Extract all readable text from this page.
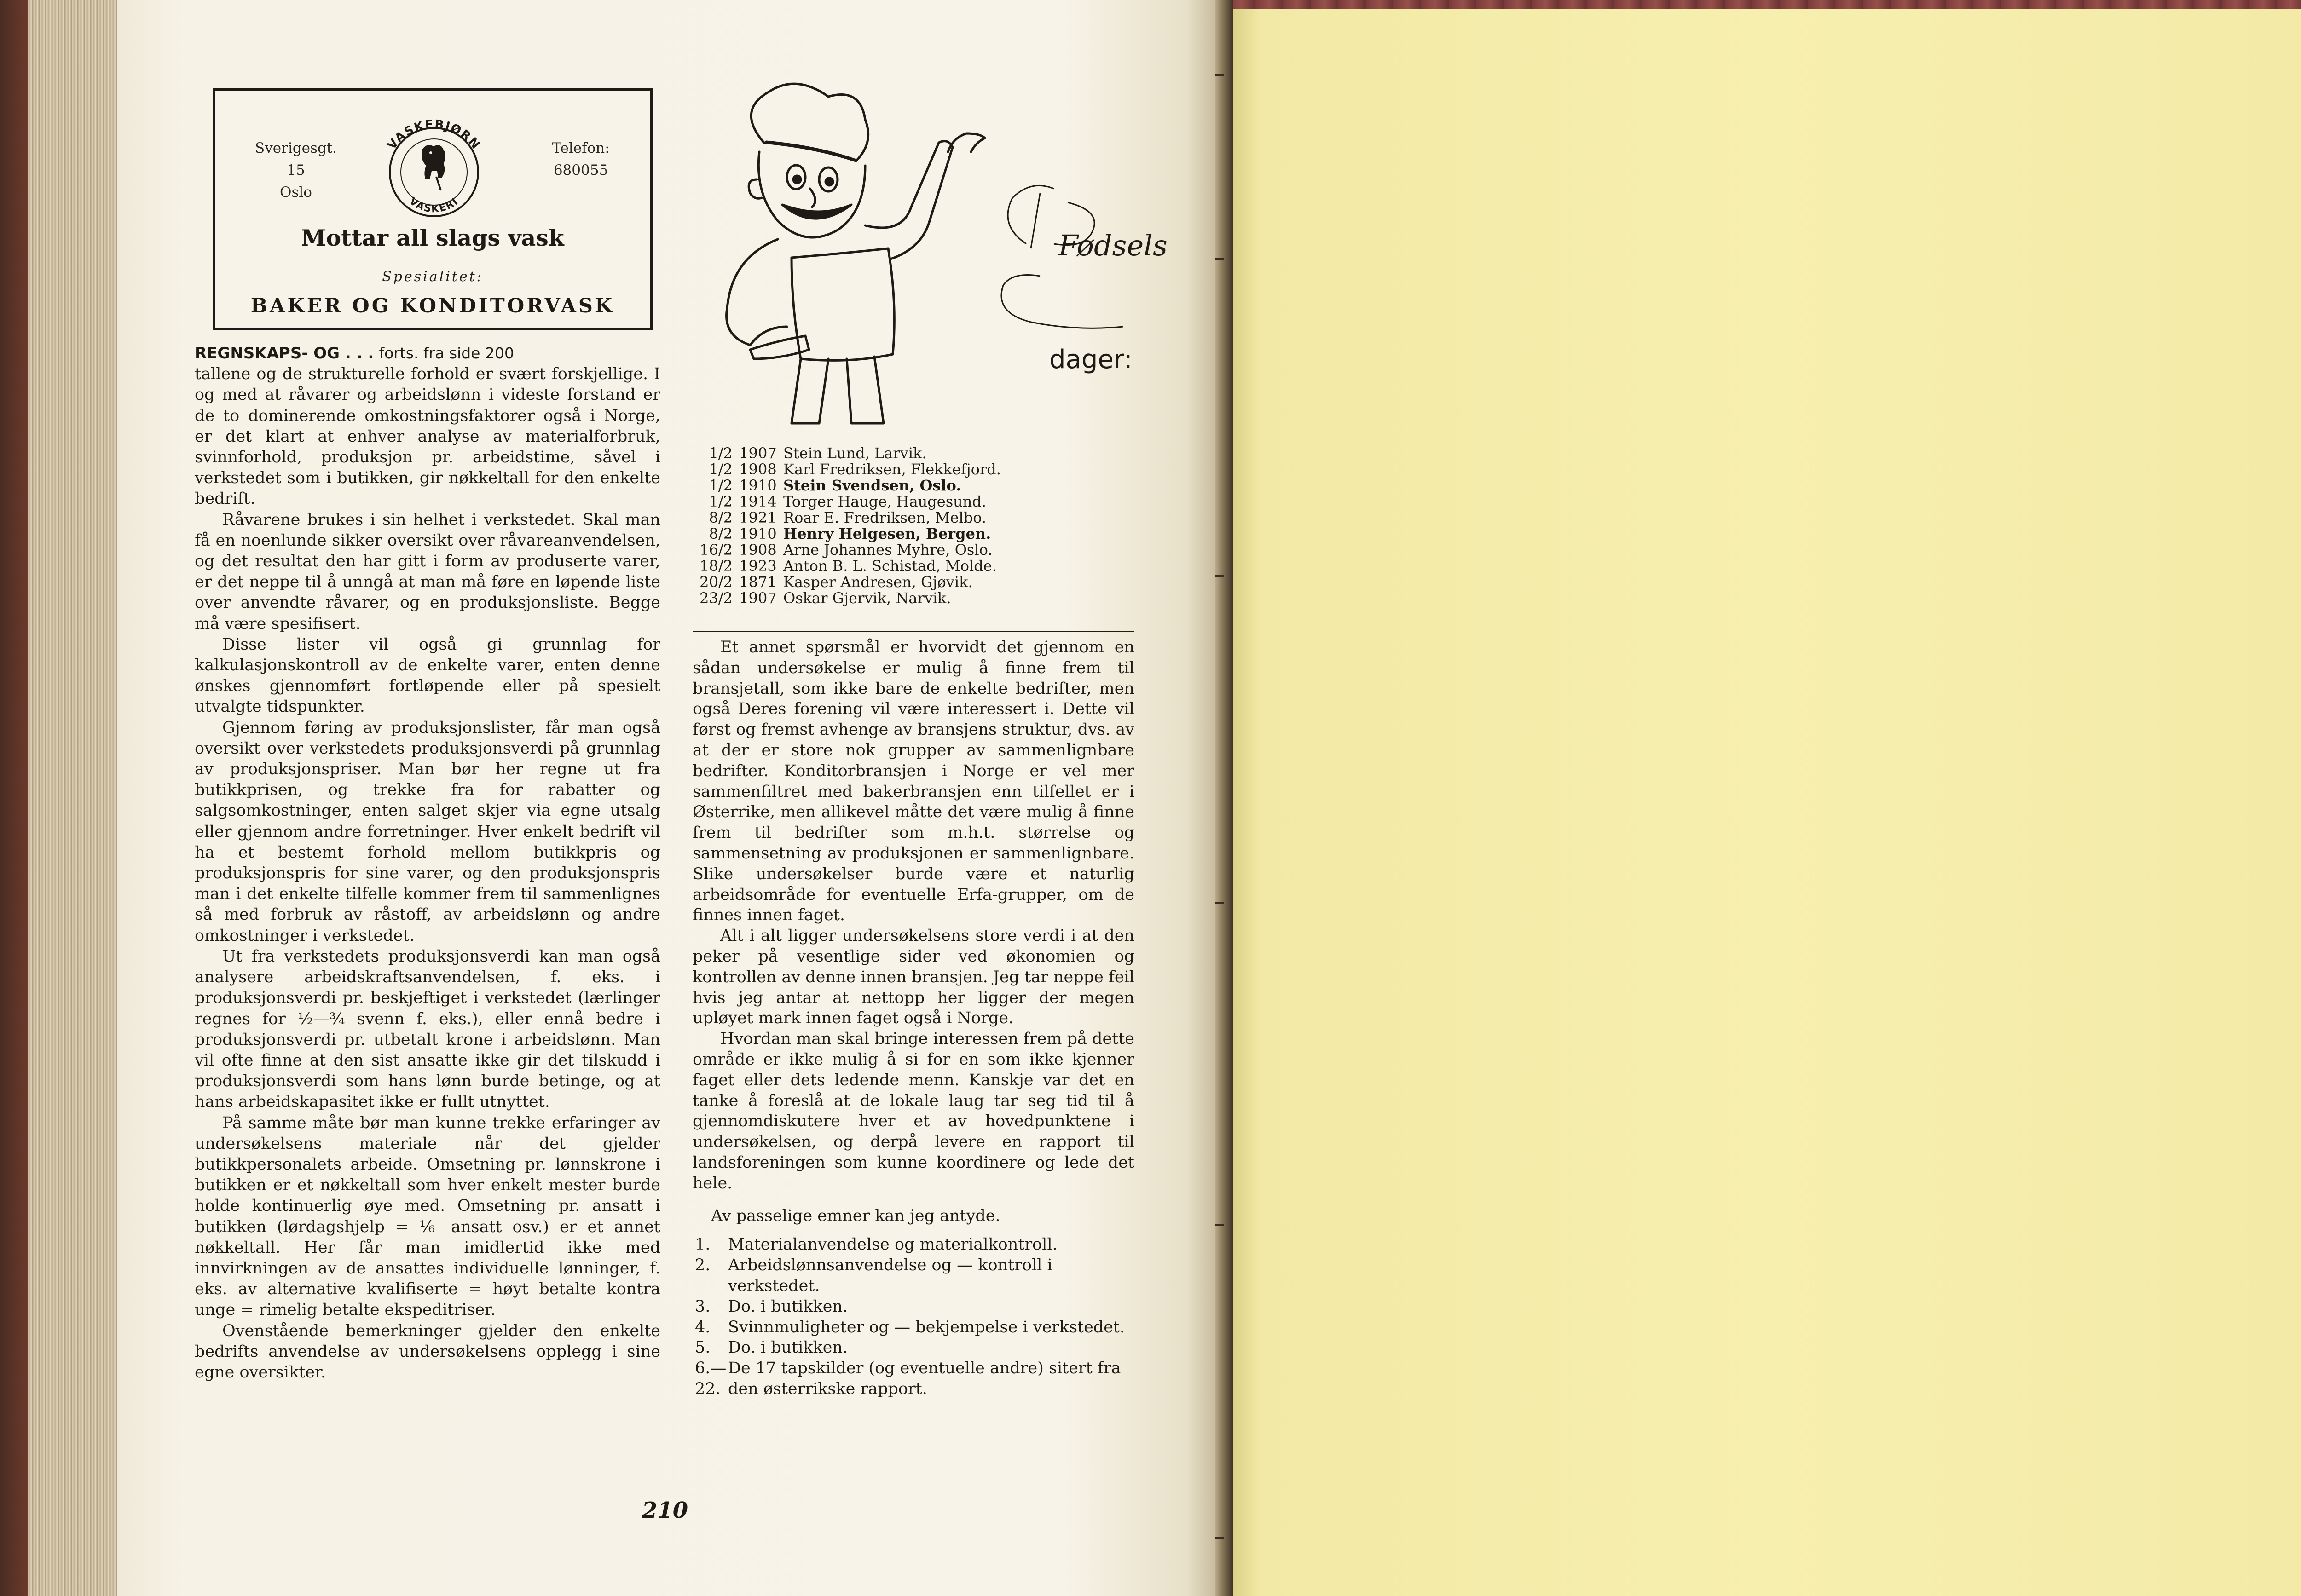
Sverigesgt. 15
Oslo
VASKEBJØRN
VASKERI
Telefon:
680055
Mottar all slags vask
Spesialitet:
BAKER OG KONDITORVASK

REGNSKAPS- OG . . . forts. fra side 200

tallene og de strukturelle forhold er svært forskjellige. I og med at råvarer og arbeidslønn i videste forstand er de to dominerende omkostningsfaktorer også i Norge, er det klart at enhver analyse av materialforbruk, svinnforhold, produksjon pr. arbeidstime, såvel i verkstedet som i butikken, gir nøkkeltall for den enkelte bedrift.

Råvarene brukes i sin helhet i verkstedet. Skal man få en noenlunde sikker oversikt over råvareanvendelsen, og det resultat den har gitt i form av produserte varer, er det neppe til å unngå at man må føre en løpende liste over anvendte råvarer, og en produksjonsliste. Begge må være spesifisert.

Disse lister vil også gi grunnlag for kalkulasjonskontroll av de enkelte varer, enten denne ønskes gjennomført fortløpende eller på spesielt utvalgte tidspunkter.

Gjennom føring av produksjonslister, får man også oversikt over verkstedets produksjonsverdi på grunnlag av produksjonspriser. Man bør her regne ut fra butikkprisen, og trekke fra for rabatter og salgsomkostninger, enten salget skjer via egne utsalg eller gjennom andre forretninger. Hver enkelt bedrift vil ha et bestemt forhold mellom butikkpris og produksjonspris for sine varer, og den produksjonspris man i det enkelte tilfelle kommer frem til sammenlignes så med forbruk av råstoff, av arbeidslønn og andre omkostninger i verkstedet.

Ut fra verkstedets produksjonsverdi kan man også analysere arbeidskraftsanvendelsen, f. eks. i produksjonsverdi pr. beskjeftiget i verkstedet (lærlinger regnes for ½—¾ svenn f. eks.), eller ennå bedre i produksjonsverdi pr. utbetalt krone i arbeidslønn. Man vil ofte finne at den sist ansatte ikke gir det tilskudd i produksjonsverdi som hans lønn burde betinge, og at hans arbeidskapasitet ikke er fullt utnyttet.

På samme måte bør man kunne trekke erfaringer av undersøkelsens materiale når det gjelder butikkpersonalets arbeide. Omsetning pr. lønnskrone i butikken er et nøkkeltall som hver enkelt mester burde holde kontinuerlig øye med. Omsetning pr. ansatt i butikken (lørdagshjelp = ⅙ ansatt osv.) er et annet nøkkeltall. Her får man imidlertid ikke med innvirkningen av de ansattes individuelle lønninger, f. eks. av alternative kvalifiserte = høyt betalte kontra unge = rimelig betalte ekspeditriser.

Ovenstående bemerkninger gjelder den enkelte bedrifts anvendelse av undersøkelsens opplegg i sine egne oversikter.

Fødsels
dager:
1/2 1907 Stein Lund, Larvik.
1/2 1908 Karl Fredriksen, Flekkefjord.
1/2 1910 Stein Svendsen, Oslo.
1/2 1914 Torger Hauge, Haugesund.
8/2 1921 Roar E. Fredriksen, Melbo.
8/2 1910 Henry Helgesen, Bergen.
16/2 1908 Arne Johannes Myhre, Oslo.
18/2 1923 Anton B. L. Schistad, Molde.
20/2 1871 Kasper Andresen, Gjøvik.
23/2 1907 Oskar Gjervik, Narvik.

Et annet spørsmål er hvorvidt det gjennom en sådan undersøkelse er mulig å finne frem til bransjetall, som ikke bare de enkelte bedrifter, men også Deres forening vil være interessert i. Dette vil først og fremst avhenge av bransjens struktur, dvs. av at der er store nok grupper av sammenlignbare bedrifter. Konditorbransjen i Norge er vel mer sammenfiltret med bakerbransjen enn tilfellet er i Østerrike, men allikevel måtte det være mulig å finne frem til bedrifter som m.h.t. størrelse og sammensetning av produksjonen er sammenlignbare. Slike undersøkelser burde være et naturlig arbeidsområde for eventuelle Erfa-grupper, om de finnes innen faget.

Alt i alt ligger undersøkelsens store verdi i at den peker på vesentlige sider ved økonomien og kontrollen av denne innen bransjen. Jeg tar neppe feil hvis jeg antar at nettopp her ligger der megen upløyet mark innen faget også i Norge.

Hvordan man skal bringe interessen frem på dette område er ikke mulig å si for en som ikke kjenner faget eller dets ledende menn. Kanskje var det en tanke å foreslå at de lokale laug tar seg tid til å gjennomdiskutere hver et av hovedpunktene i undersøkelsen, og derpå levere en rapport til landsforeningen som kunne koordinere og lede det hele.

Av passelige emner kan jeg antyde.

1.	Materialanvendelse og materialkontroll.
2.	Arbeidslønnsanvendelse og — kontroll i verkstedet.
3.	Do. i butikken.
4.	Svinnmuligheter og — bekjempelse i verkstedet.
5.	Do. i butikken.
6.—22.
De 17 tapskilder (og eventuelle andre) sitert fra den østerrikske rapport.
210
